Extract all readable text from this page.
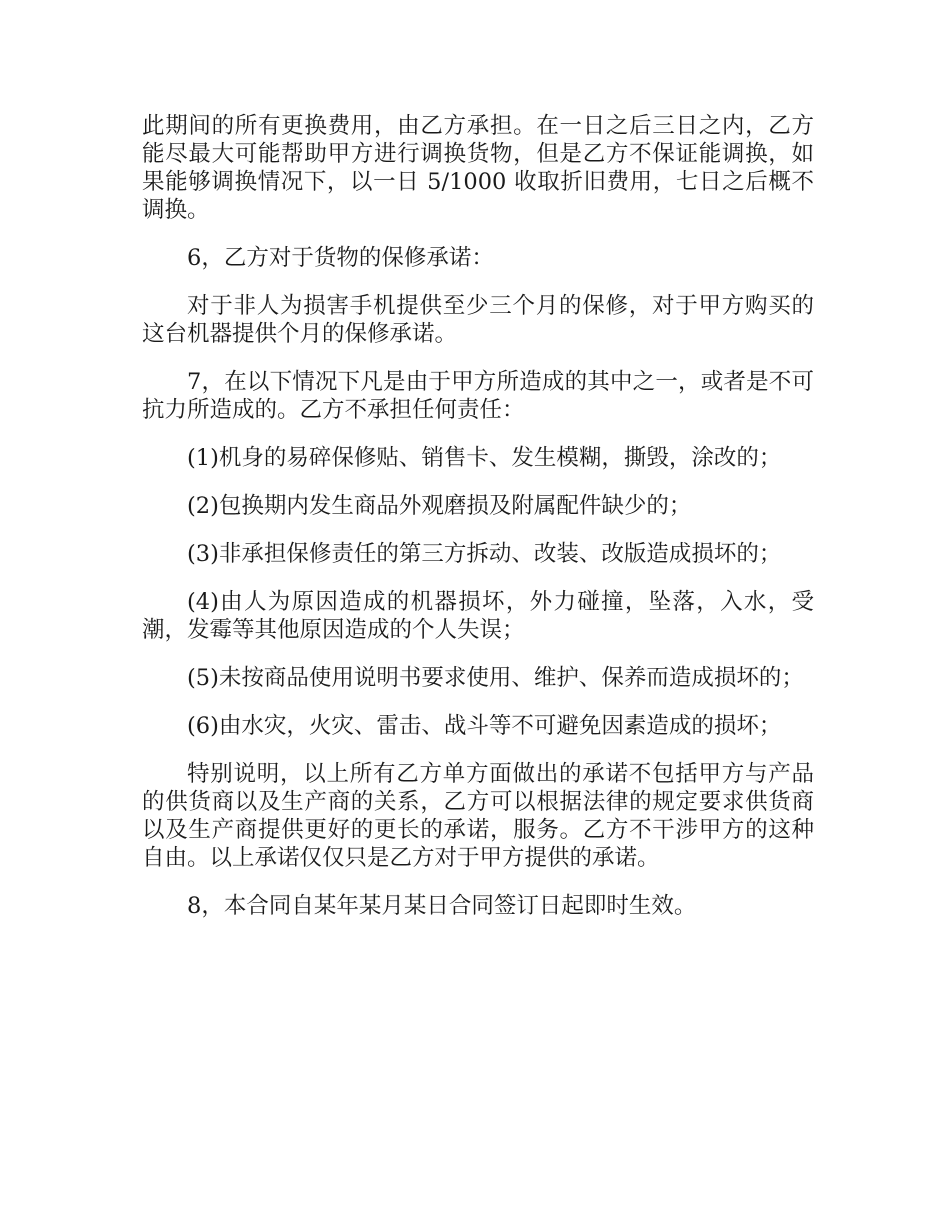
此期间的所有更换费用，由乙方承担。在一日之后三日之内，乙方能尽最大可能帮助甲方进行调换货物，但是乙方不保证能调换，如果能够调换情况下，以一日 5/1000 收取折旧费用，七日之后概不调换。

6，乙方对于货物的保修承诺：

对于非人为损害手机提供至少三个月的保修，对于甲方购买的这台机器提供个月的保修承诺。

7，在以下情况下凡是由于甲方所造成的其中之一，或者是不可抗力所造成的。乙方不承担任何责任：

(1)机身的易碎保修贴、销售卡、发生模糊，撕毁，涂改的；

(2)包换期内发生商品外观磨损及附属配件缺少的；

(3)非承担保修责任的第三方拆动、改装、改版造成损坏的；

(4)由人为原因造成的机器损坏，外力碰撞，坠落，入水，受潮，发霉等其他原因造成的个人失误；

(5)未按商品使用说明书要求使用、维护、保养而造成损坏的；

(6)由水灾，火灾、雷击、战斗等不可避免因素造成的损坏；

特别说明，以上所有乙方单方面做出的承诺不包括甲方与产品的供货商以及生产商的关系，乙方可以根据法律的规定要求供货商以及生产商提供更好的更长的承诺，服务。乙方不干涉甲方的这种自由。以上承诺仅仅只是乙方对于甲方提供的承诺。

8，本合同自某年某月某日合同签订日起即时生效。
